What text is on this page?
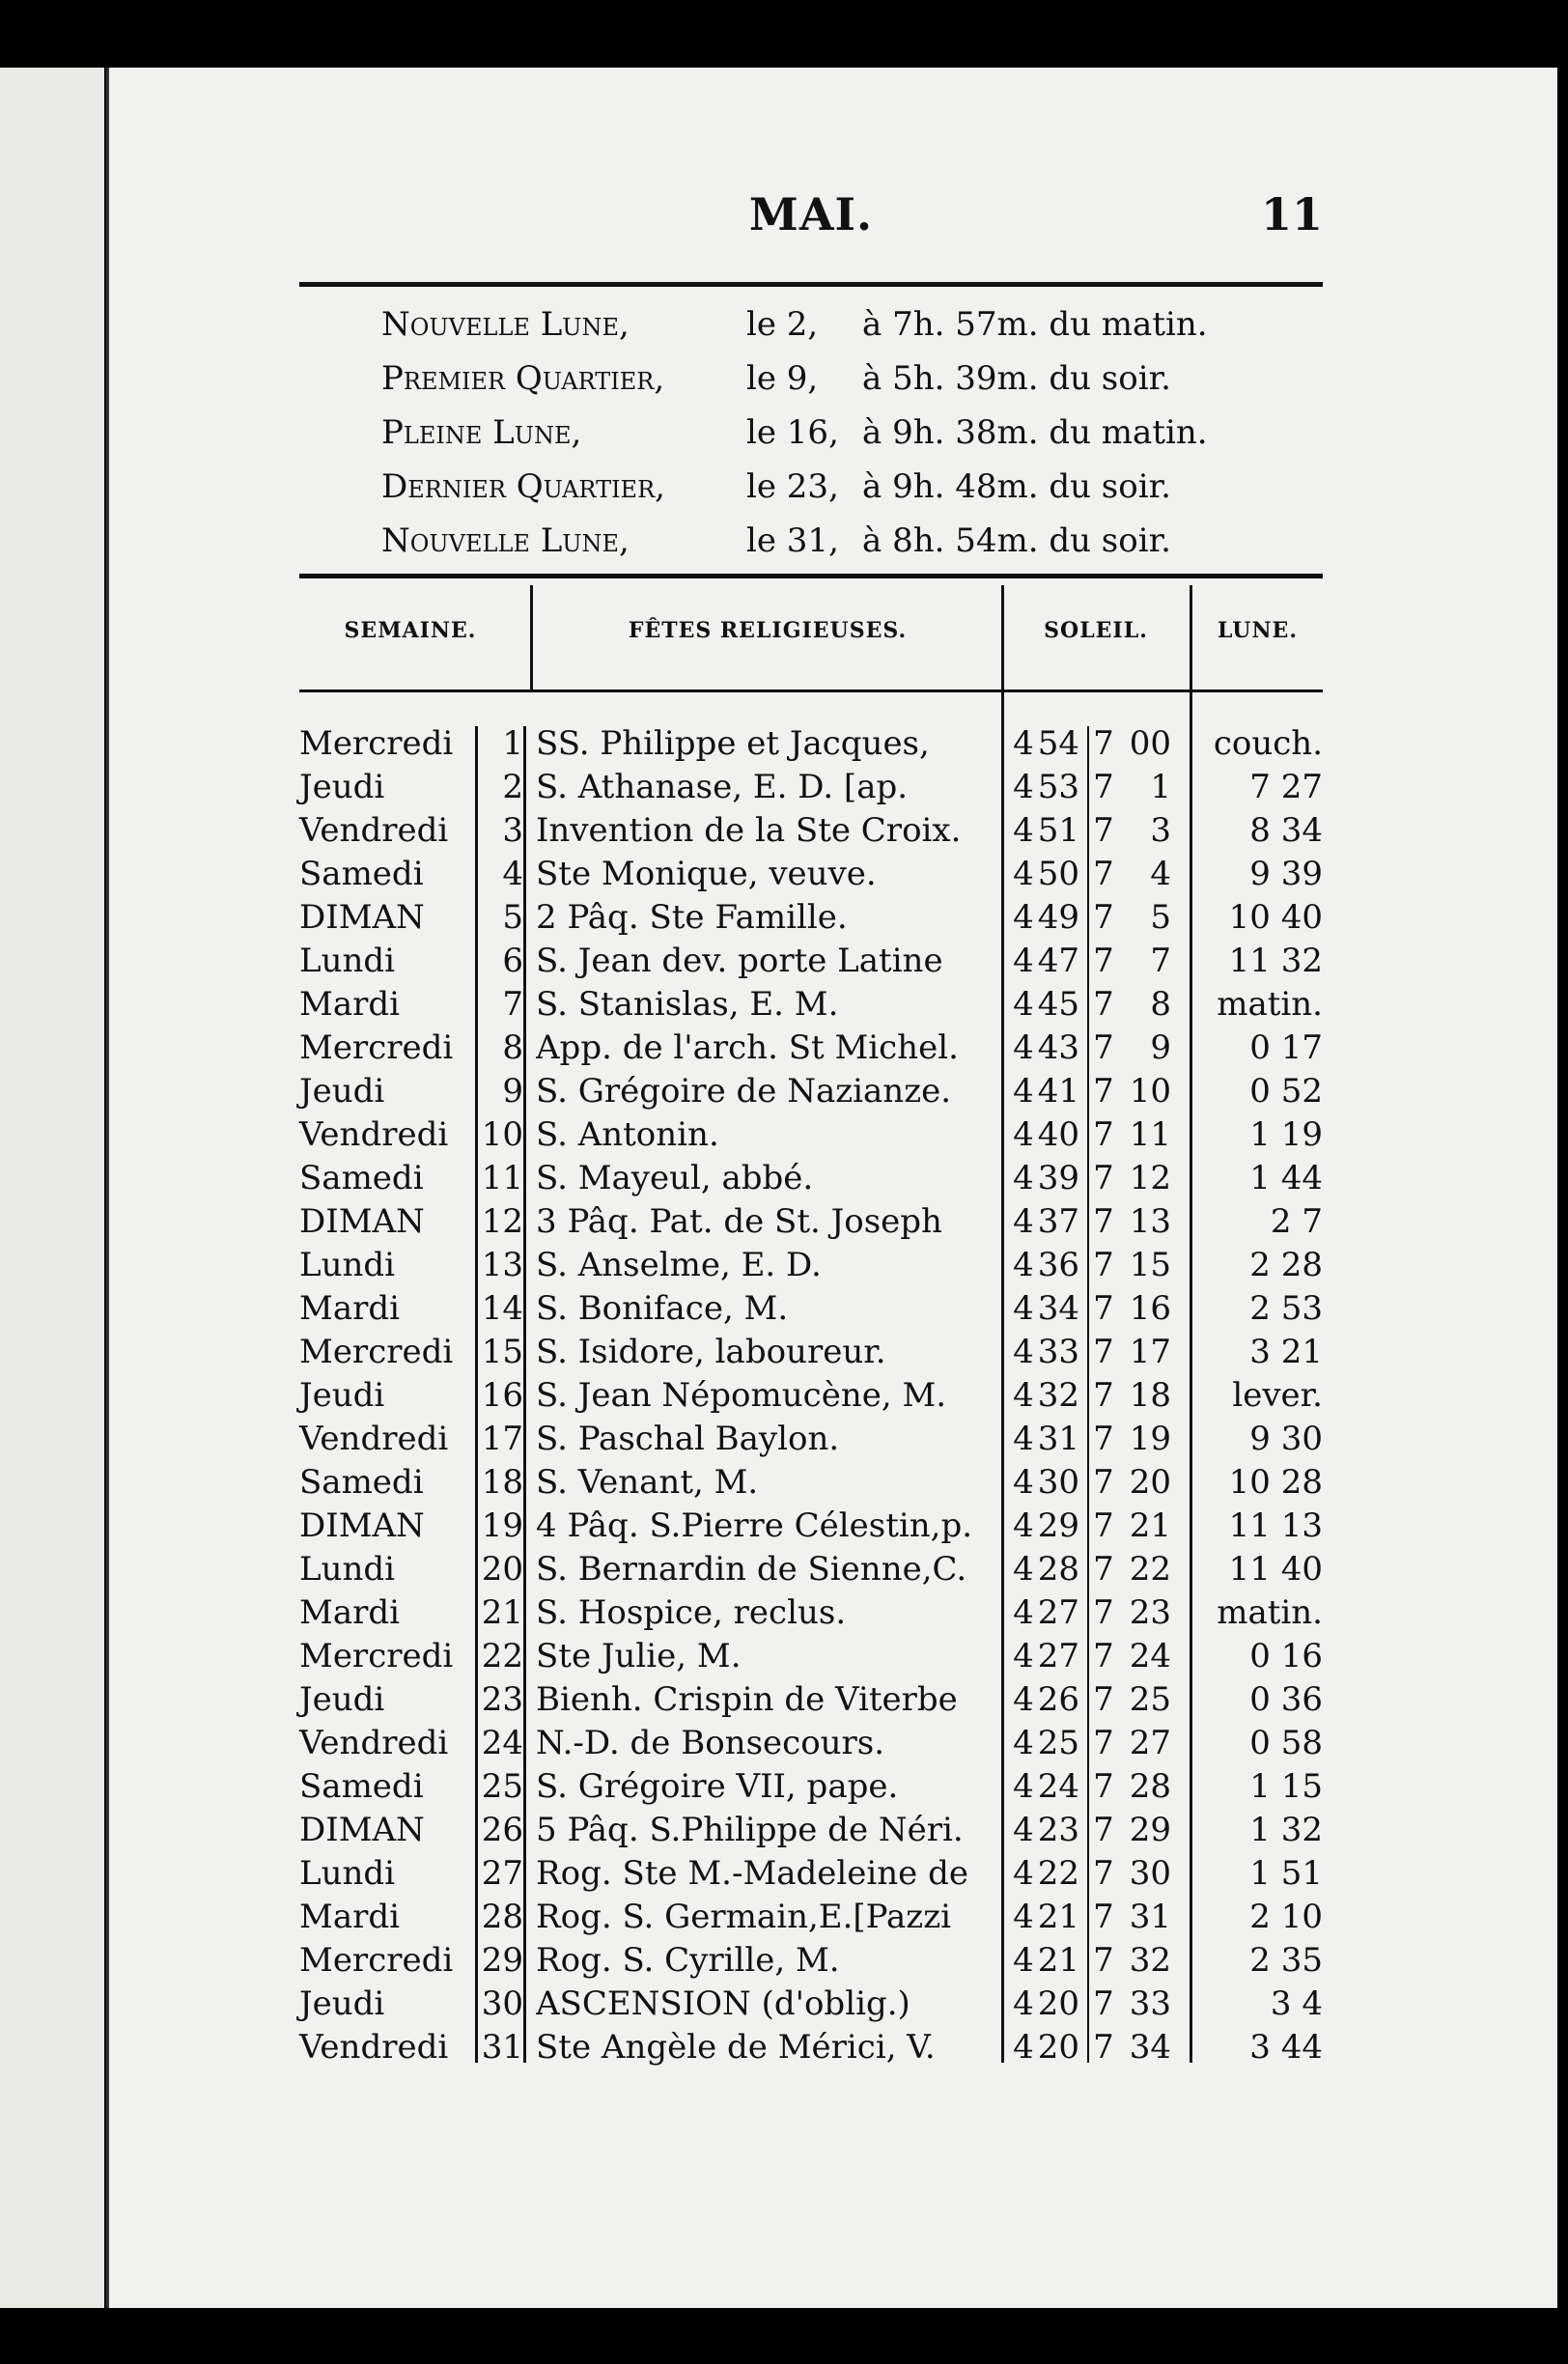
MAI.	11
Nouvelle Lune,	le 2,	à 7h. 57m. du matin.
Premier Quartier,	le 9,	à 5h. 39m. du soir.
Pleine Lune,	le 16, à 9h. 38m. du matin.
Dernier Quartier,	le 23, à 9h. 48m. du soir.
Nouvelle Lune,	le 31, à 8h. 54m. du soir.
SEMAINE.	FÊTES RELIGIEUSES.	SOLEIL.	LUNE.
Mercredi	1 SS. Philippe et Jacques,	4 54 7 00	couch.
Jeudi	2 S. Athanase, E. D. [ap.	4 53 7	1	7 27
Vendredi	3 Invention de la Ste Croix.	4 51 7	3	8 34
Samedi	4 Ste Monique, veuve.	4 50 7	4	9 39
DIMAN	5 2 Pâq. Ste Famille.	4 49 7	5	10 40
Lundi	6 S. Jean dev. porte Latine	4 47 7	7	11 32
Mardi	7 S. Stanislas, E. M.	4 45 7	8	matin.
Mercredi	8 App. de l'arch. St Michel.	4 43 7	9	0 17
Jeudi	9 S. Grégoire de Nazianze.	4 41 7 10	0 52
Vendredi	10 S. Antonin.	4 40 7 11	1 19
Samedi	11 S. Mayeul, abbé.	4 39 7 12	1 44
DIMAN	12 3 Pâq. Pat. de St. Joseph	4 37 7 13	2 7
Lundi	13 S. Anselme, E. D.	4 36 7 15	2 28
Mardi	14 S. Boniface, M.	4 34 7 16	2 53
Mercredi 15 S. Isidore, laboureur.	4 33 7 17	3 21
Jeudi	16 S. Jean Népomucène, M.	4 32 7 18	lever.
Vendredi	17 S. Paschal Baylon.	4 31 7 19	9 30
Samedi	18 S. Venant, M.	4 30 7 20	10 28
DIMAN	19 4 Pâq. S.Pierre Célestin,p.	4 29 7 21	11 13
Lundi	20 S. Bernardin de Sienne,C.	4 28 7 22	11 40
Mardi	21 S. Hospice, reclus.	4 27 7 23	matin.
Mercredi 22 Ste Julie, M.	4 27 7 24	0 16
Jeudi	23 Bienh. Crispin de Viterbe	4 26 7 25	0 36
Vendredi	24 N.-D. de Bonsecours.	4 25 7 27	0 58
Samedi	25 S. Grégoire VII, pape.	4 24 7 28	1 15
DIMAN	26 5 Pâq. S.Philippe de Néri.	4 23 7 29	1 32
Lundi	27 Rog. Ste M.-Madeleine de	4 22 7 30	1 51
Mardi	28 Rog. S. Germain,E.[Pazzi	4 21 7 31	2 10
Mercredi 29 Rog. S. Cyrille, M.	4 21 7 32	2 35
Jeudi	30 ASCENSION (d'oblig.)	4 20 7 33	3 4
Vendredi	31 Ste Angèle de Mérici, V.	4 20 7 34	3 44
